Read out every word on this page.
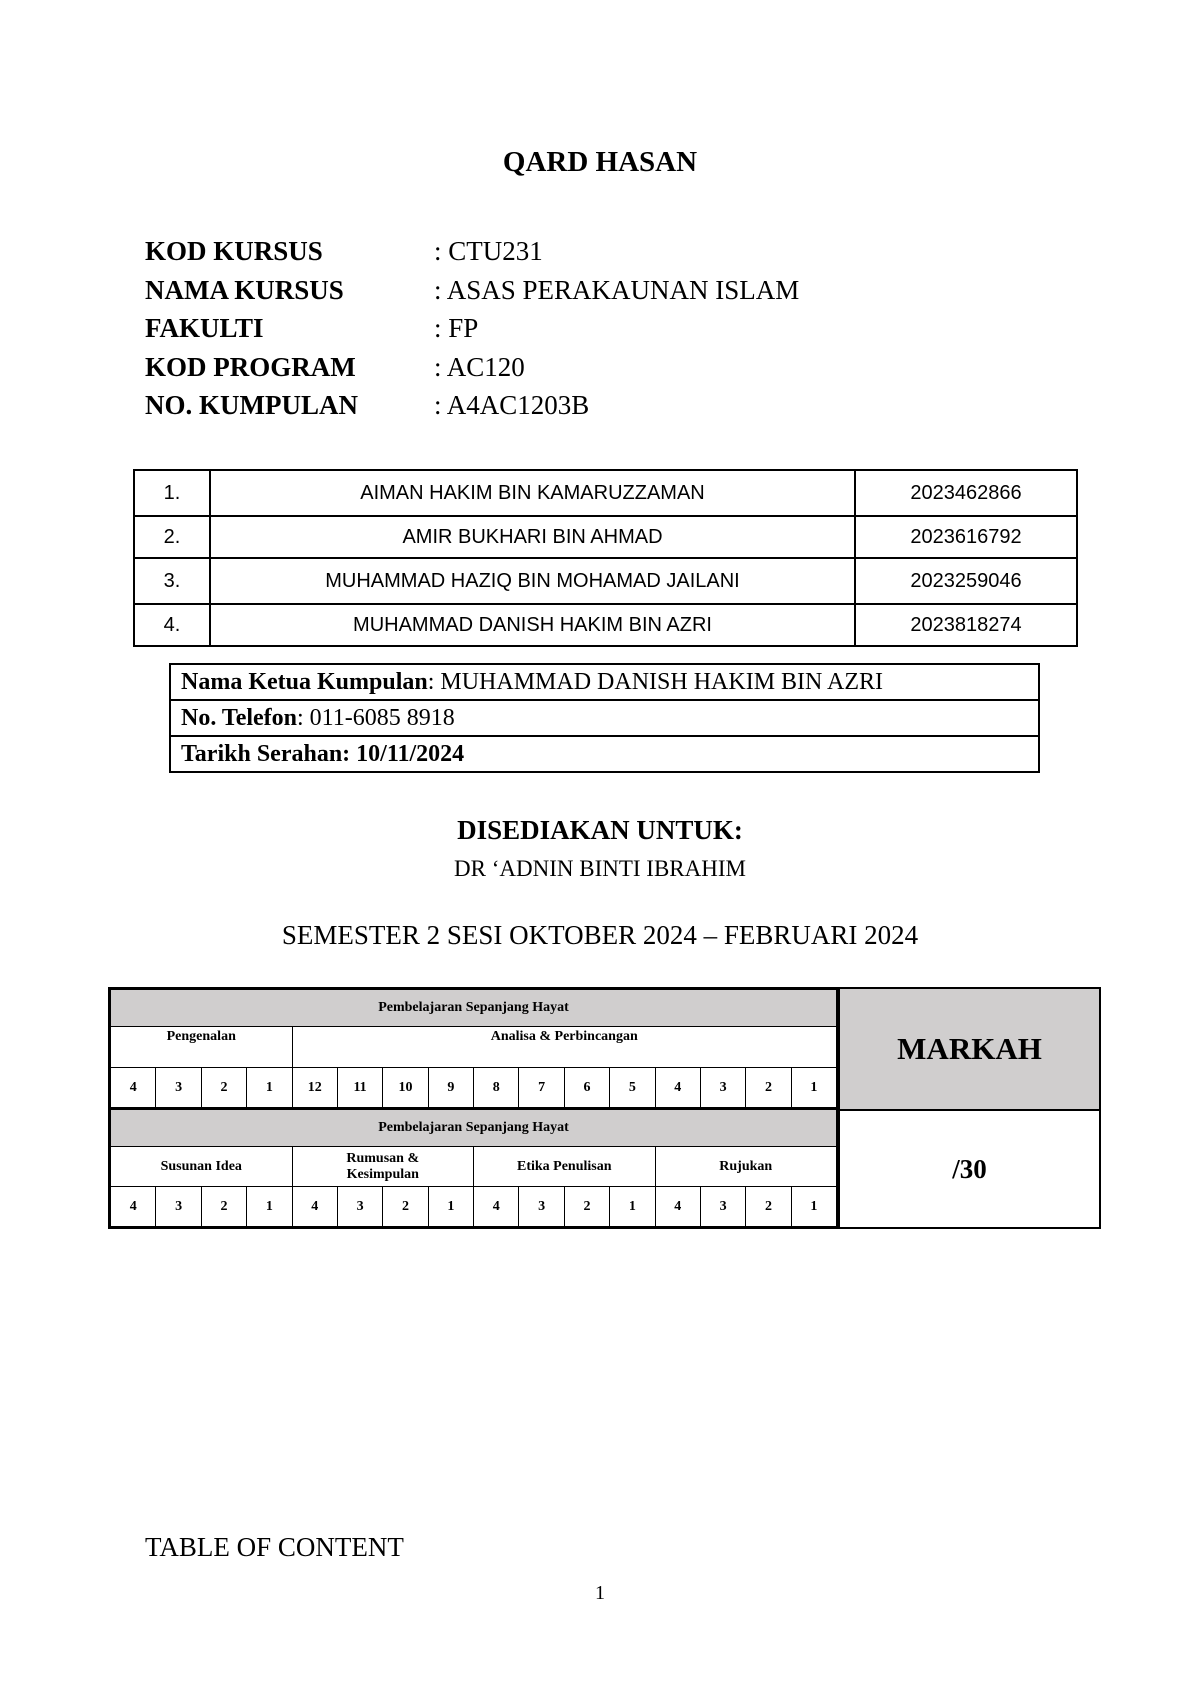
QARD HASAN
KOD KURSUS	: CTU231
NAMA KURSUS	: ASAS PERAKAUNAN ISLAM
FAKULTI	: FP
KOD PROGRAM	: AC120
NO. KUMPULAN	: A4AC1203B
1.	AIMAN HAKIM BIN KAMARUZZAMAN	2023462866
2.	AMIR BUKHARI BIN AHMAD	2023616792
3.	MUHAMMAD HAZIQ BIN MOHAMAD JAILANI	2023259046
4.	MUHAMMAD DANISH HAKIM BIN AZRI	2023818274
Nama Ketua Kumpulan: MUHAMMAD DANISH HAKIM BIN AZRI
No. Telefon: 011-6085 8918
Tarikh Serahan: 10/11/2024
DISEDIAKAN UNTUK:
DR ‘ADNIN BINTI IBRAHIM
SEMESTER 2 SESI OKTOBER 2024 – FEBRUARI 2024
Pembelajaran Sepanjang Hayat															
Pengenalan				Analisa & Perbincangan											
4	3	2	1	12	11	10	9	8	7	6	5	4	3	2	1
Pembelajaran Sepanjang Hayat															
Susunan Idea				Rumusan & Kesimpulan				Etika Penulisan				Rujukan			
4	3	2	1	4	3	2	1	4	3	2	1	4	3	2	1
MARKAH
/30
TABLE OF CONTENT
1
